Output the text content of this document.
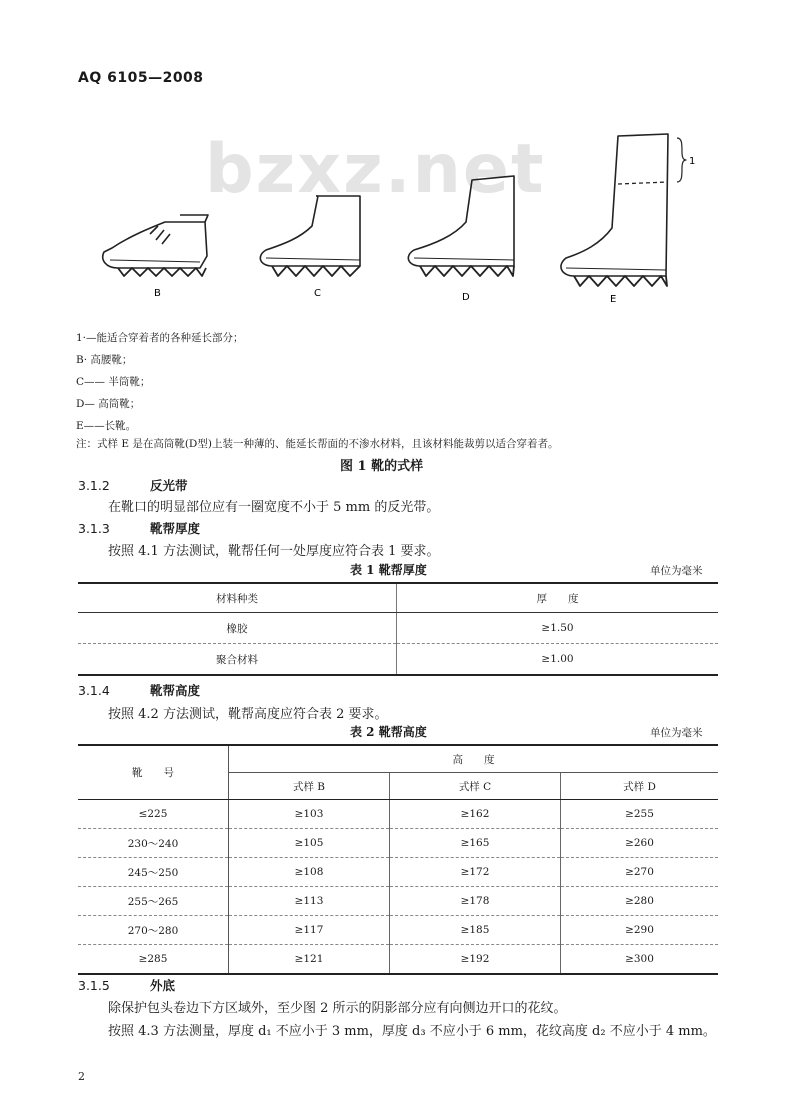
AQ 6105—2008
bzxz.net
B	C	D	E
1
1·—能适合穿着者的各种延长部分；
B· 高腰靴；
C—— 半筒靴；
D— 高筒靴；
E——长靴。
注：式样 E 是在高筒靴(D型)上装一种薄的、能延长帮面的不渗水材料，且该材料能裁剪以适合穿着者。
图 1 靴的式样
3.1.2	反光带
在靴口的明显部位应有一圈宽度不小于 5 mm 的反光带。
3.1.3	靴帮厚度
按照 4.1 方法测试，靴帮任何一处厚度应符合表 1 要求。
表 1 靴帮厚度	单位为毫米
材料种类	厚　　度
橡胶	≥1.50
聚合材料	≥1.00
3.1.4	靴帮高度
按照 4.2 方法测试，靴帮高度应符合表 2 要求。
表 2 靴帮高度	单位为毫米
靴　　号	高　　度		
	式样 B	式样 C	式样 D
≤225	≥103	≥162	≥255
230～240	≥105	≥165	≥260
245～250	≥108	≥172	≥270
255～265	≥113	≥178	≥280
270～280	≥117	≥185	≥290
≥285	≥121	≥192	≥300
3.1.5	外底
除保护包头卷边下方区域外，至少图 2 所示的阴影部分应有向侧边开口的花纹。
按照 4.3 方法测量，厚度 d₁ 不应小于 3 mm，厚度 d₃ 不应小于 6 mm，花纹高度 d₂ 不应小于 4 mm。
2
